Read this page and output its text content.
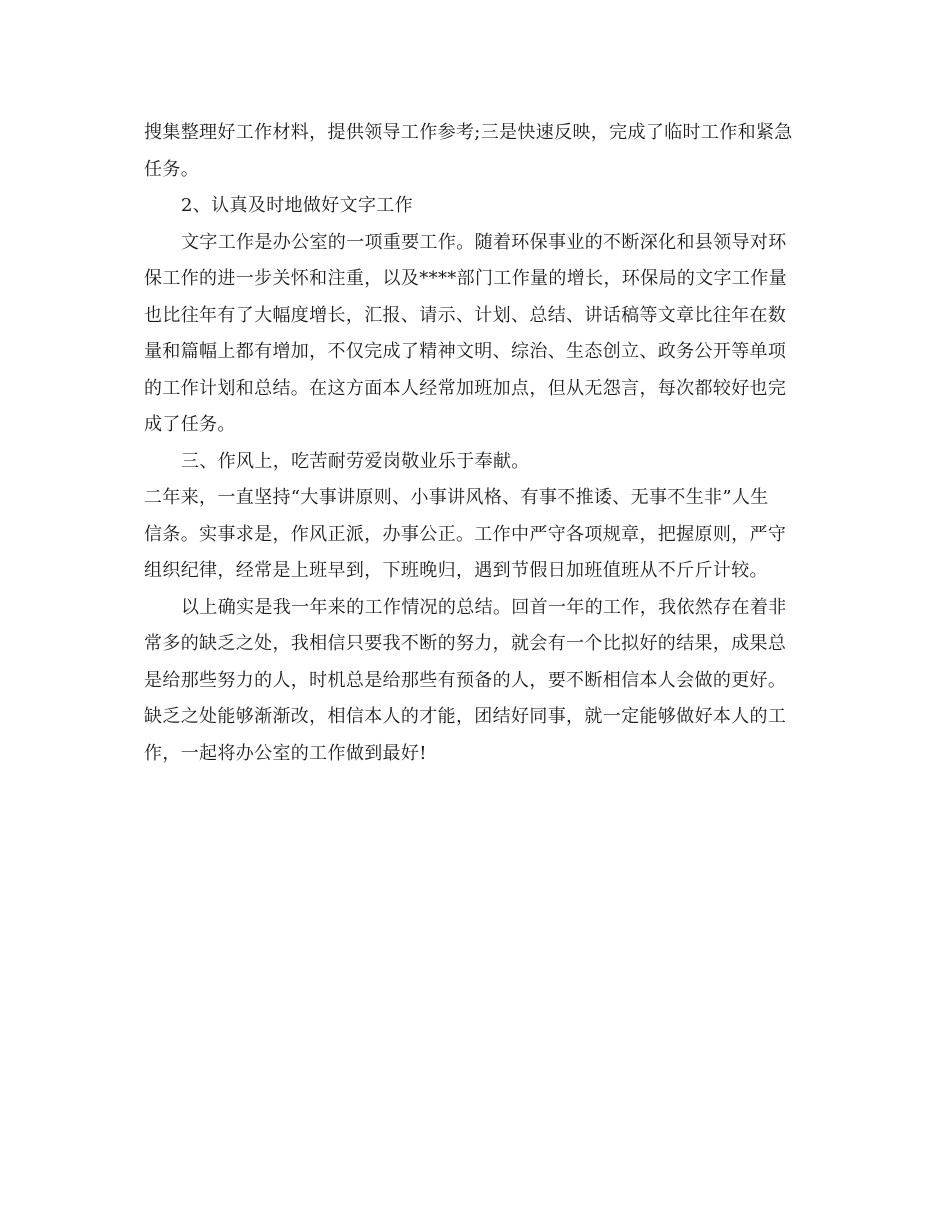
搜集整理好工作材料，提供领导工作参考;三是快速反映，完成了临时工作和紧急
任务。
2、认真及时地做好文字工作
文字工作是办公室的一项重要工作。随着环保事业的不断深化和县领导对环
保工作的进一步关怀和注重，以及****部门工作量的增长，环保局的文字工作量
也比往年有了大幅度增长，汇报、请示、计划、总结、讲话稿等文章比往年在数
量和篇幅上都有增加，不仅完成了精神文明、综治、生态创立、政务公开等单项
的工作计划和总结。在这方面本人经常加班加点，但从无怨言，每次都较好也完
成了任务。
三、作风上，吃苦耐劳爱岗敬业乐于奉献。
二年来，一直坚持“大事讲原则、小事讲风格、有事不推诿、无事不生非”人生
信条。实事求是，作风正派，办事公正。工作中严守各项规章，把握原则，严守
组织纪律，经常是上班早到，下班晚归，遇到节假日加班值班从不斤斤计较。
以上确实是我一年来的工作情况的总结。回首一年的工作，我依然存在着非
常多的缺乏之处，我相信只要我不断的努力，就会有一个比拟好的结果，成果总
是给那些努力的人，时机总是给那些有预备的人，要不断相信本人会做的更好。
缺乏之处能够渐渐改，相信本人的才能，团结好同事，就一定能够做好本人的工
作，一起将办公室的工作做到最好!
